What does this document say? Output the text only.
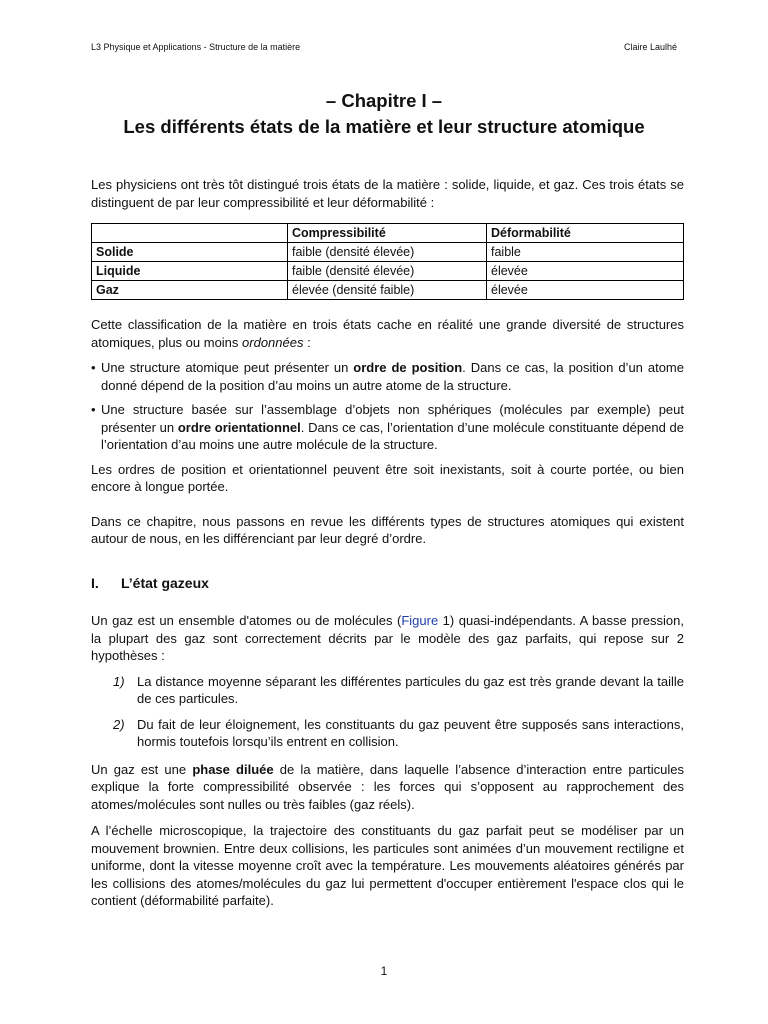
L3 Physique et Applications - Structure de la matière	Claire Laulhé
– Chapitre I –
Les différents états de la matière et leur structure atomique

Les physiciens ont très tôt distingué trois états de la matière : solide, liquide, et gaz. Ces trois états se distinguent de par leur compressibilité et leur déformabilité :

	Compressibilité	Déformabilité
Solide	faible (densité élevée)	faible
Liquide	faible (densité élevée)	élevée
Gaz	élevée (densité faible)	élevée

Cette classification de la matière en trois états cache en réalité une grande diversité de structures atomiques, plus ou moins ordonnées :

• Une structure atomique peut présenter un ordre de position. Dans ce cas, la position d’un atome donné dépend de la position d’au moins un autre atome de la structure.
• Une structure basée sur l’assemblage d’objets non sphériques (molécules par exemple) peut présenter un ordre orientationnel. Dans ce cas, l’orientation d’une molécule constituante dépend de l’orientation d’au moins une autre molécule de la structure.

Les ordres de position et orientationnel peuvent être soit inexistants, soit à courte portée, ou bien encore à longue portée.

Dans ce chapitre, nous passons en revue les différents types de structures atomiques qui existent autour de nous, en les différenciant par leur degré d’ordre.

I.	L’état gazeux

Un gaz est un ensemble d'atomes ou de molécules (Figure 1) quasi-indépendants. A basse pression, la plupart des gaz sont correctement décrits par le modèle des gaz parfaits, qui repose sur 2 hypothèses :

1) La distance moyenne séparant les différentes particules du gaz est très grande devant la taille de ces particules.
2) Du fait de leur éloignement, les constituants du gaz peuvent être supposés sans interactions, hormis toutefois lorsqu’ils entrent en collision.

Un gaz est une phase diluée de la matière, dans laquelle l’absence d’interaction entre particules explique la forte compressibilité observée : les forces qui s’opposent au rapprochement des atomes/molécules sont nulles ou très faibles (gaz réels).

A l’échelle microscopique, la trajectoire des constituants du gaz parfait peut se modéliser par un mouvement brownien. Entre deux collisions, les particules sont animées d’un mouvement rectiligne et uniforme, dont la vitesse moyenne croît avec la température. Les mouvements aléatoires générés par les collisions des atomes/molécules du gaz lui permettent d'occuper entièrement l'espace clos qui le contient (déformabilité parfaite).

1
